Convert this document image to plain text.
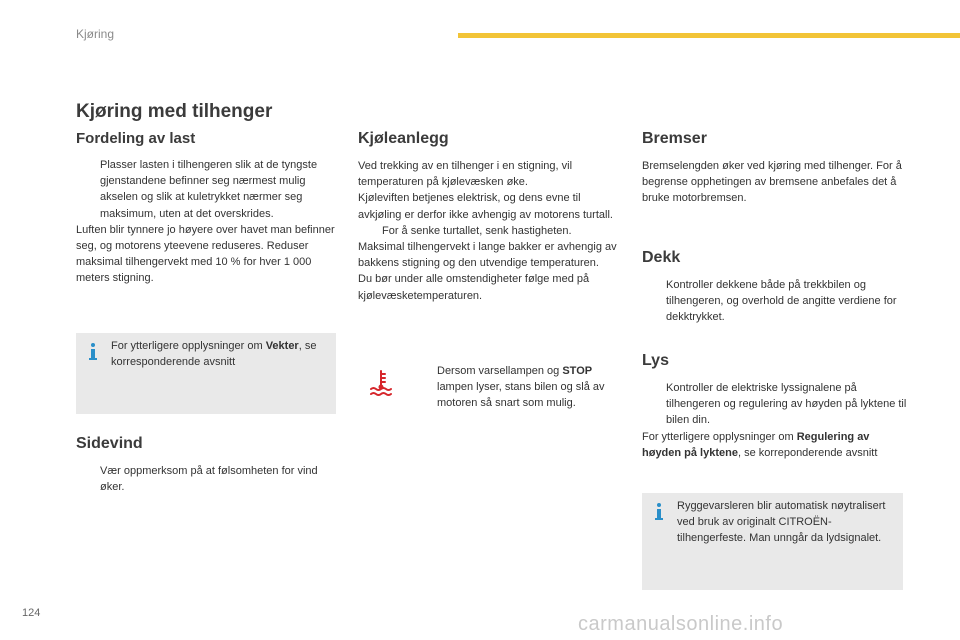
Kjøring
Kjøring med tilhenger
Fordeling av last
Plasser lasten i tilhengeren slik at de tyngste gjenstandene befinner seg nærmest mulig akselen og slik at kuletrykket nærmer seg maksimum, uten at det overskrides.

Luften blir tynnere jo høyere over havet man befinner seg, og motorens yteevene reduseres. Reduser maksimal tilhengervekt med 10 % for hver 1 000 meters stigning.

For ytterligere opplysninger om Vekter, se korresponderende avsnitt

Sidevind
Vær oppmerksom på at følsomheten for vind øker.
Kjøleanlegg

Ved trekking av en tilhenger i en stigning, vil temperaturen på kjølevæsken øke.

Kjøleviften betjenes elektrisk, og dens evne til avkjøling er derfor ikke avhengig av motorens turtall.

For å senke turtallet, senk hastigheten.

Maksimal tilhengervekt i lange bakker er avhengig av bakkens stigning og den utvendige temperaturen.

Du bør under alle omstendigheter følge med på kjølevæsketemperaturen.

Dersom varsellampen og STOP lampen lyser, stans bilen og slå av motoren så snart som mulig.
Bremser

Bremselengden øker ved kjøring med tilhenger. For å begrense opphetingen av bremsene anbefales det å bruke motorbremsen.

Dekk
Kontroller dekkene både på trekkbilen og tilhengeren, og overhold de angitte verdiene for dekktrykket.
Lys
Kontroller de elektriske lyssignalene på tilhengeren og regulering av høyden på lyktene til bilen din.

For ytterligere opplysninger om Regulering av høyden på lyktene, se korreponderende avsnitt

Ryggevarsleren blir automatisk nøytralisert ved bruk av originalt CITROËN-tilhengerfeste. Man unngår da lydsignalet.

124	carmanualsonline.info
